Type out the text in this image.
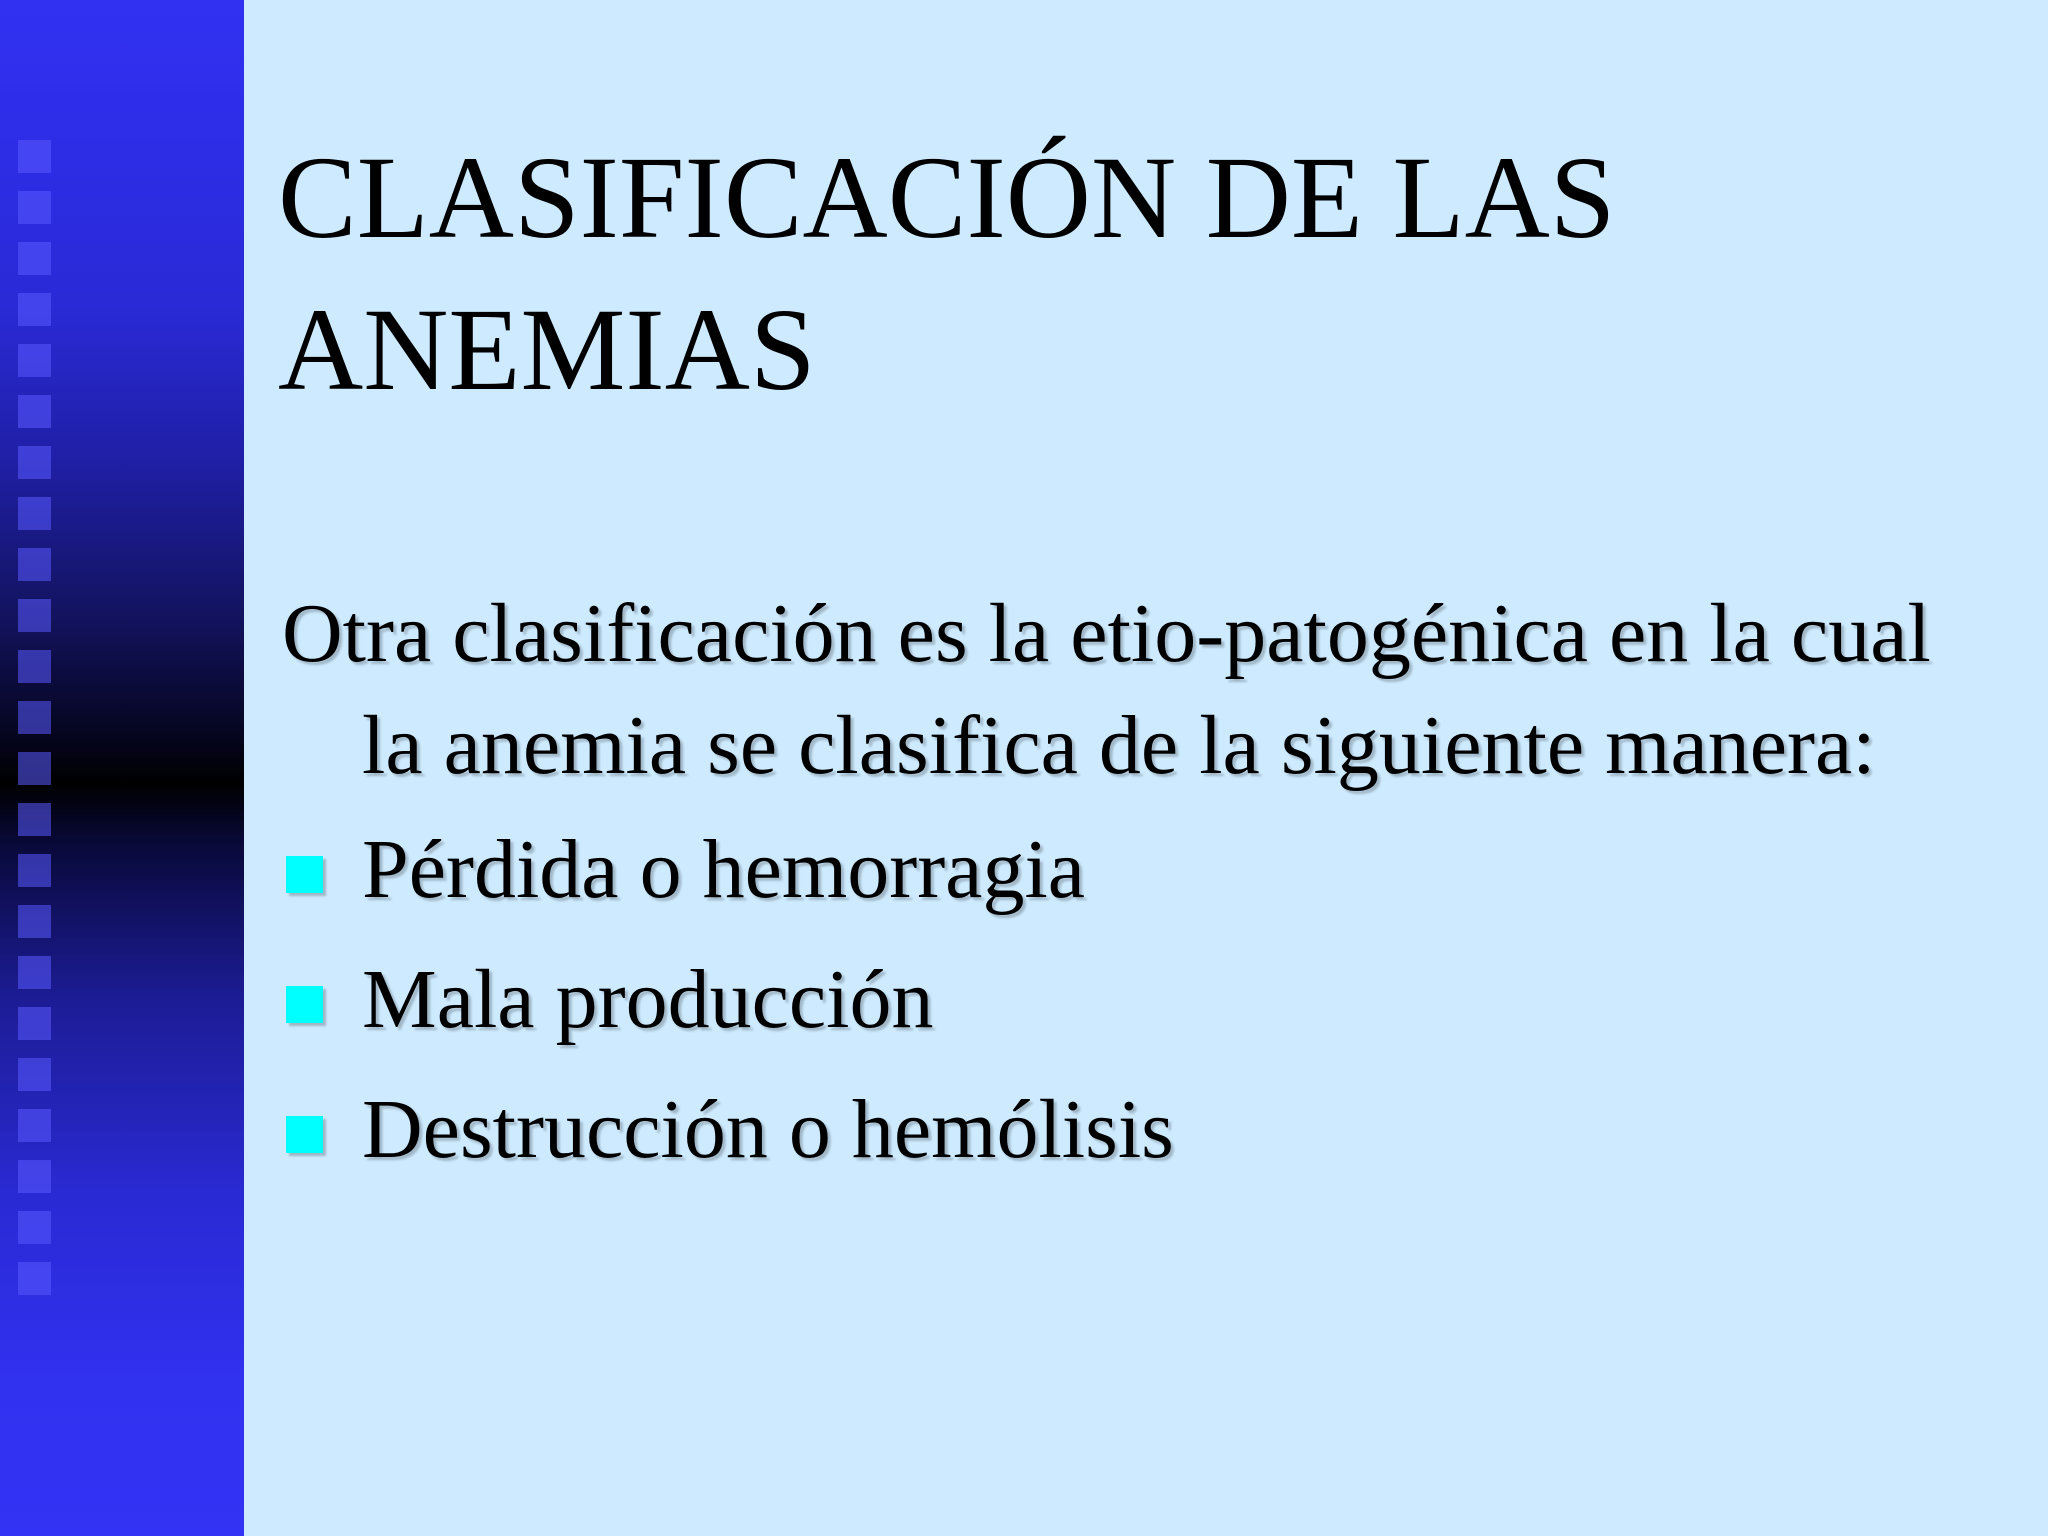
CLASIFICACIÓN DE LAS ANEMIAS

Otra clasificación es la etio-patogénica en la cual la anemia se clasifica de la siguiente manera:

Pérdida o hemorragia
Mala producción
Destrucción o hemólisis
